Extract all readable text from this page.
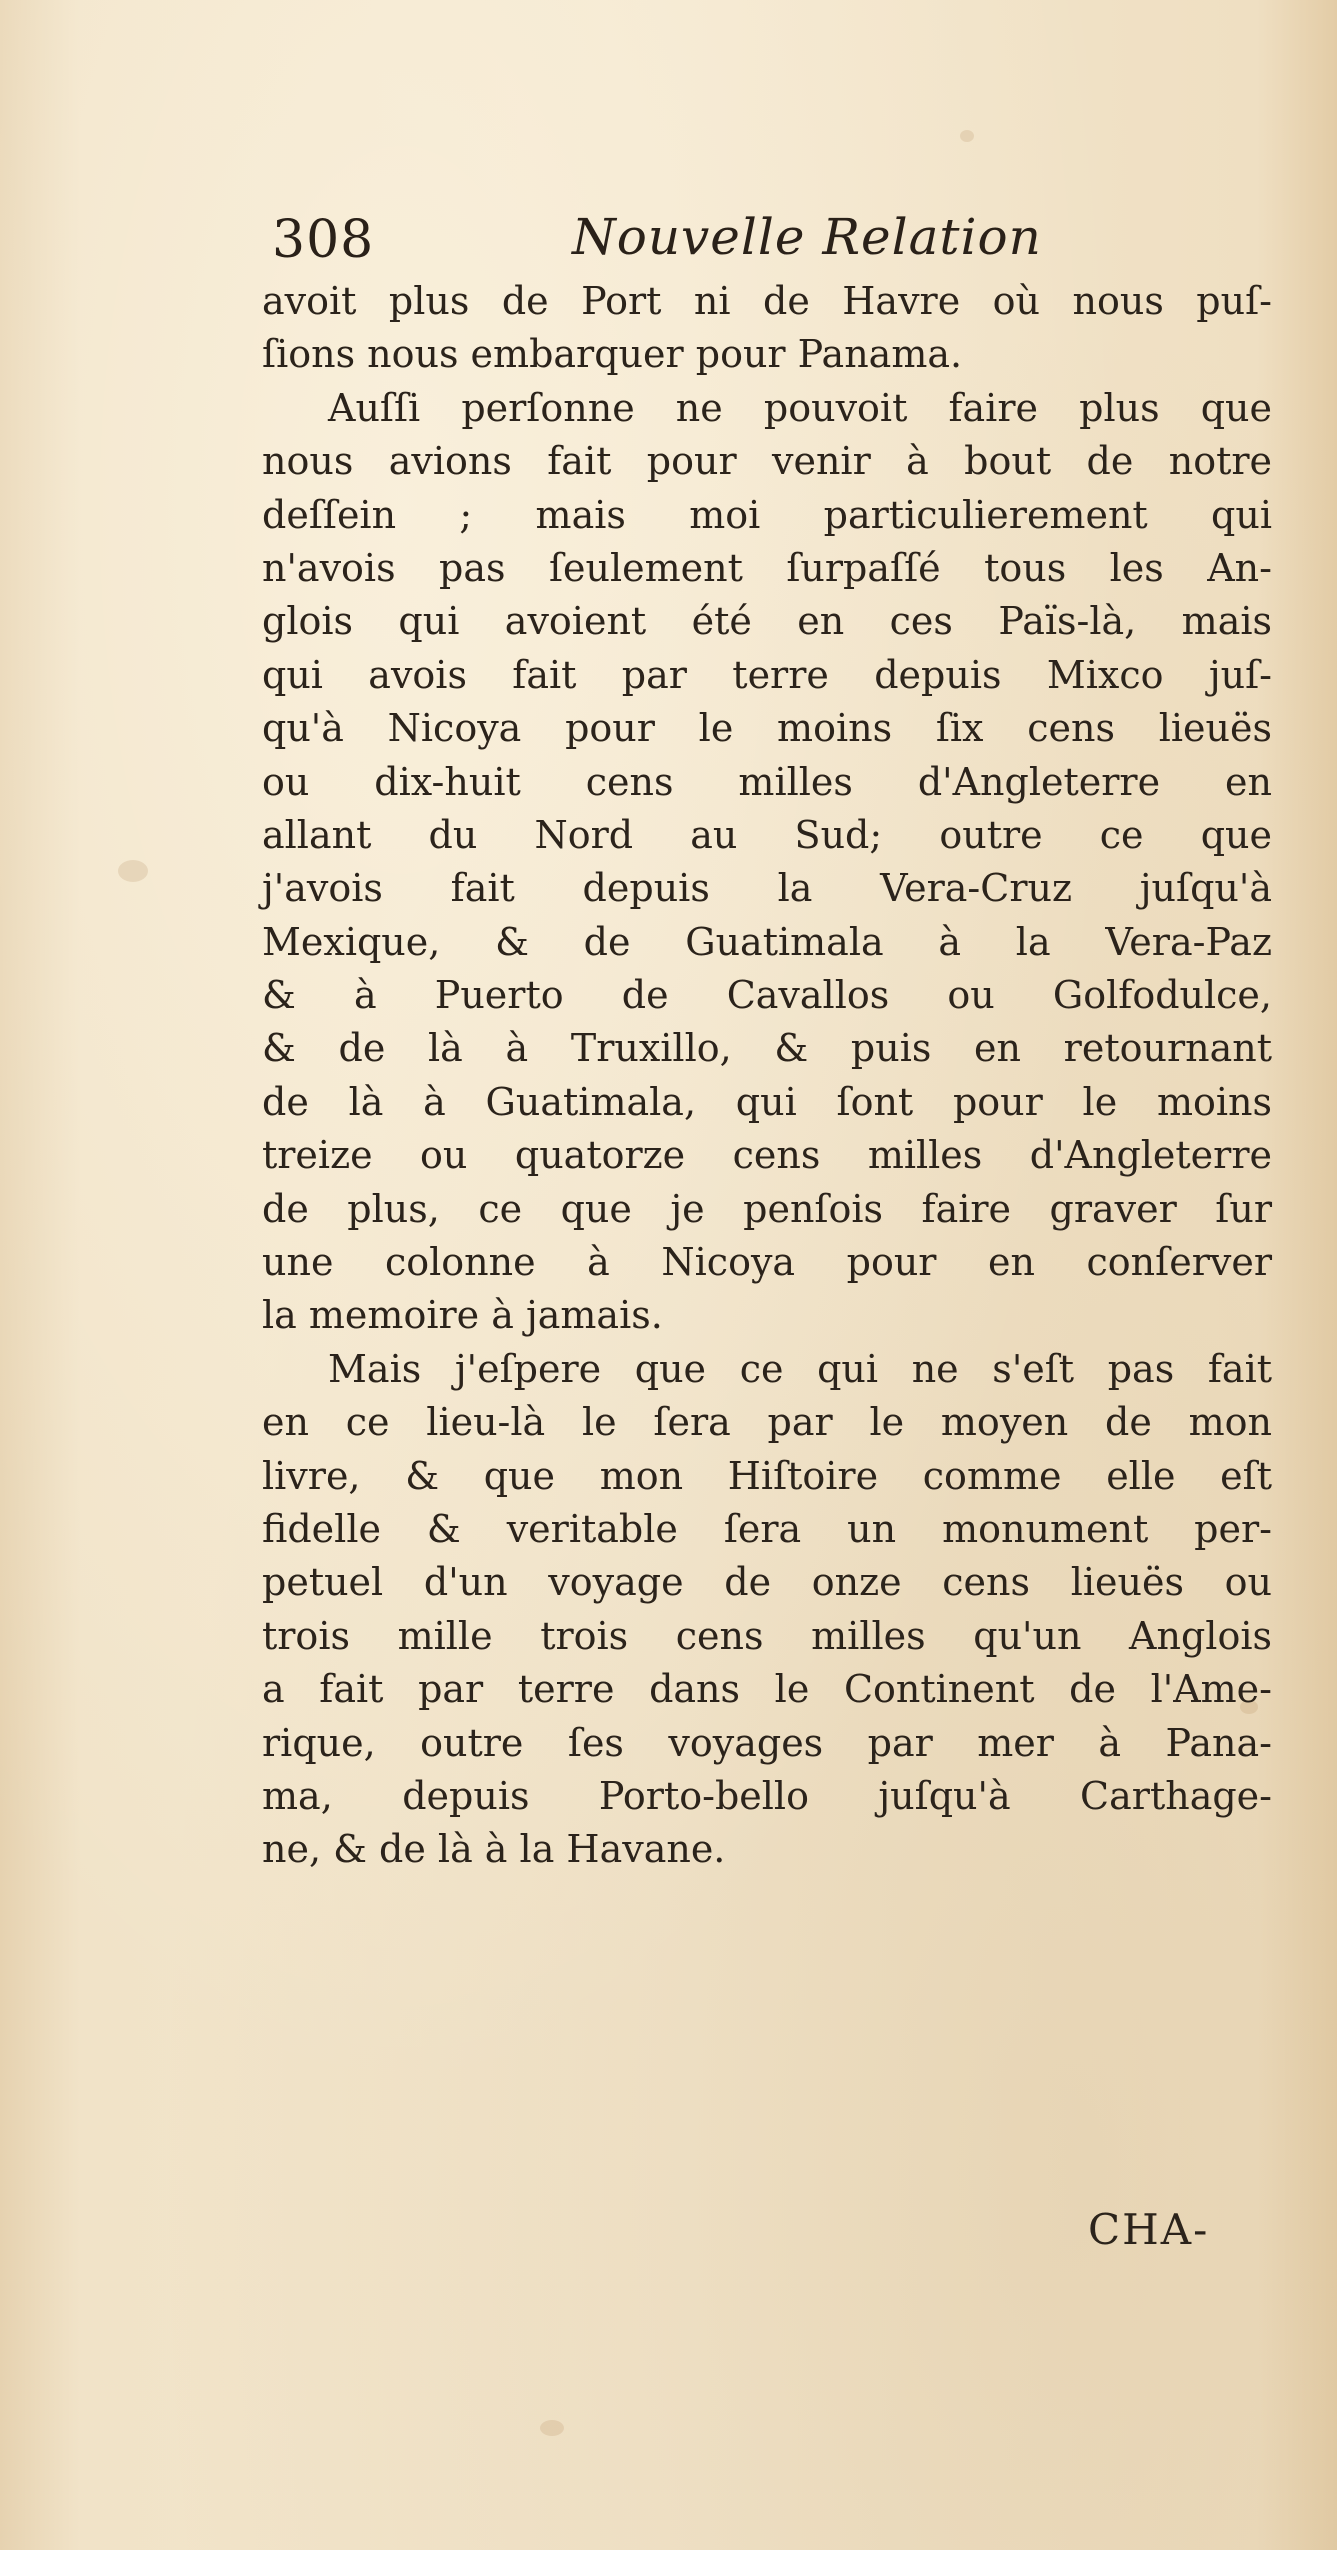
308	Nouvelle Relation
avoit plus de Port ni de Havre où nous puſ-
ſions nous embarquer pour Panama.
Auſſi perſonne ne pouvoit faire plus que
nous avions fait pour venir à bout de notre
deſſein ; mais moi particulierement qui
n'avois pas ſeulement ſurpaſſé tous les An-
glois qui avoient été en ces Païs-là, mais
qui avois fait par terre depuis Mixco juſ-
qu'à Nicoya pour le moins ſix cens lieuës
ou dix-huit cens milles d'Angleterre en
allant du Nord au Sud; outre ce que
j'avois fait depuis la Vera-Cruz juſqu'à
Mexique, & de Guatimala à la Vera-Paz
& à Puerto de Cavallos ou Golfodulce,
& de là à Truxillo, & puis en retournant
de là à Guatimala, qui ſont pour le moins
treize ou quatorze cens milles d'Angleterre
de plus, ce que je penſois faire graver ſur
une colonne à Nicoya pour en conſerver
la memoire à jamais.
Mais j'eſpere que ce qui ne s'eſt pas fait
en ce lieu-là le ſera par le moyen de mon
livre, & que mon Hiſtoire comme elle eſt
fidelle & veritable ſera un monument per-
petuel d'un voyage de onze cens lieuës ou
trois mille trois cens milles qu'un Anglois
a fait par terre dans le Continent de l'Ame-
rique, outre ſes voyages par mer à Pana-
ma, depuis Porto-bello juſqu'à Carthage-
ne, & de là à la Havane.
CHA-
